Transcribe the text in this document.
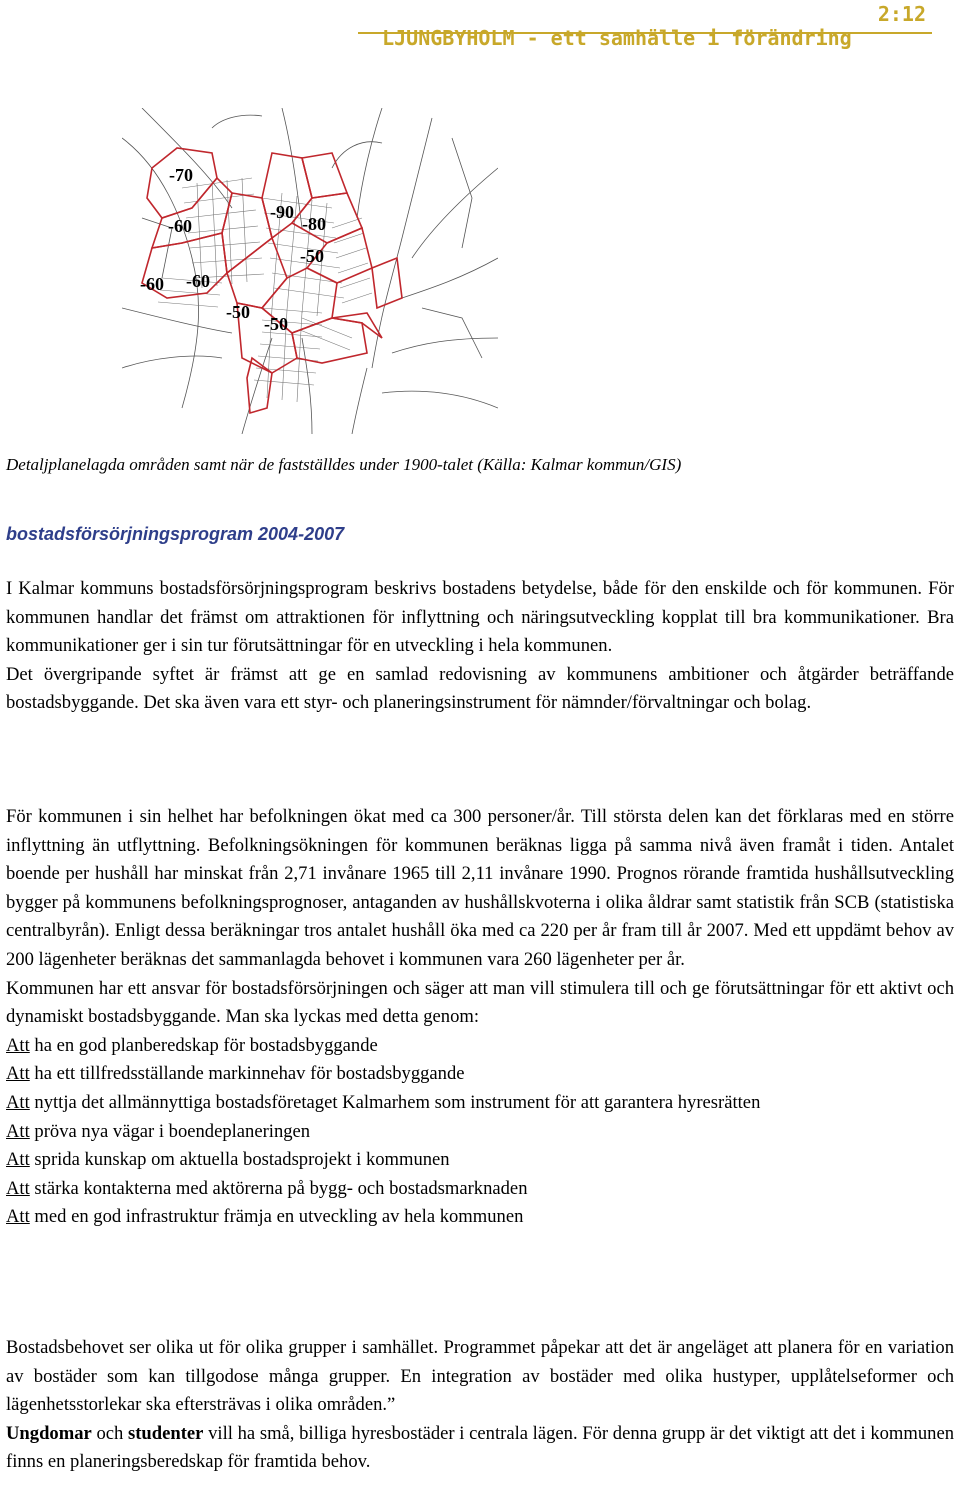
LJUNGBYHOLM - ett samhälle i förändring

2:12

-70
-60
-90
-80
-50
-60 -60
-50
-50
Detaljplanelagda områden samt när de fastställdes under 1900-talet (Källa: Kalmar kommun/GIS)
bostadsförsörjningsprogram 2004-2007

I Kalmar kommuns bostadsförsörjningsprogram beskrivs bostadens betydelse, både för den enskilde och för kommunen. För kommunen handlar det främst om attraktionen för inflyttning och näringsutveckling kopplat till bra kommunikationer. Bra kommunikationer ger i sin tur förutsättningar för en utveckling i hela kommunen.

Det övergripande syftet är främst att ge en samlad redovisning av kommunens ambitioner och åtgärder beträffande bostadsbyggande. Det ska även vara ett styr- och planeringsinstrument för nämnder/förvaltningar och bolag.

För kommunen i sin helhet har befolkningen ökat med ca 300 personer/år. Till största delen kan det förklaras med en större inflyttning än utflyttning. Befolkningsökningen för kommunen beräknas ligga på samma nivå även framåt i tiden. Antalet boende per hushåll har minskat från 2,71 invånare 1965 till 2,11 invånare 1990. Prognos rörande framtida hushållsutveckling bygger på kommunens befolkningsprognoser, antaganden av hushållskvoterna i olika åldrar samt statistik från SCB (statistiska centralbyrån). Enligt dessa beräkningar tros antalet hushåll öka med ca 220 per år fram till år 2007. Med ett uppdämt behov av 200 lägenheter beräknas det sammanlagda behovet i kommunen vara 260 lägenheter per år.

Kommunen har ett ansvar för bostadsförsörjningen och säger att man vill stimulera till och ge förutsättningar för ett aktivt och dynamiskt bostadsbyggande. Man ska lyckas med detta genom:

Att ha en god planberedskap för bostadsbyggande
Att ha ett tillfredsställande markinnehav för bostadsbyggande
Att nyttja det allmännyttiga bostadsföretaget Kalmarhem som instrument för att garantera hyresrätten
Att pröva nya vägar i boendeplaneringen
Att sprida kunskap om aktuella bostadsprojekt i kommunen
Att stärka kontakterna med aktörerna på bygg- och bostadsmarknaden
Att med en god infrastruktur främja en utveckling av hela kommunen

Bostadsbehovet ser olika ut för olika grupper i samhället. Programmet påpekar att det är angeläget att planera för en variation av bostäder som kan tillgodose många grupper. En integration av bostäder med olika hustyper, upplåtelseformer och lägenhetsstorlekar ska eftersträvas i olika områden.”

Ungdomar och studenter vill ha små, billiga hyresbostäder i centrala lägen. För denna grupp är det viktigt att det i kommunen finns en planeringsberedskap för framtida behov.
